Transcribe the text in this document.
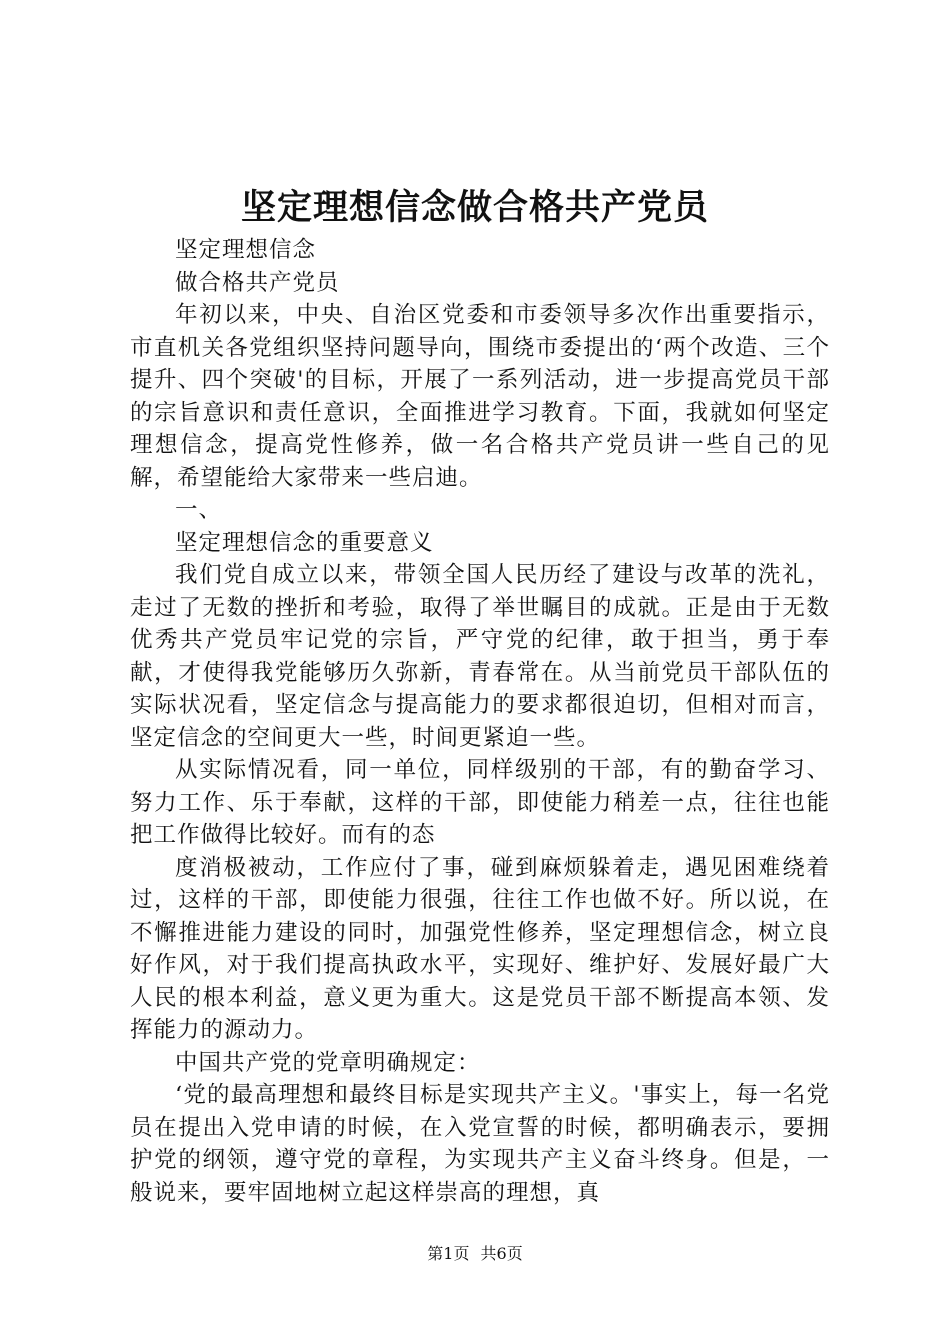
坚定理想信念做合格共产党员

坚定理想信念

做合格共产党员

年初以来，中央、自治区党委和市委领导多次作出重要指示，市直机关各党组织坚持问题导向，围绕市委提出的‘两个改造、三个提升、四个突破'的目标，开展了一系列活动，进一步提高党员干部的宗旨意识和责任意识，全面推进学习教育。下面，我就如何坚定理想信念，提高党性修养，做一名合格共产党员讲一些自己的见解，希望能给大家带来一些启迪。

一、

坚定理想信念的重要意义

我们党自成立以来，带领全国人民历经了建设与改革的洗礼，走过了无数的挫折和考验，取得了举世瞩目的成就。正是由于无数优秀共产党员牢记党的宗旨，严守党的纪律，敢于担当，勇于奉献，才使得我党能够历久弥新，青春常在。从当前党员干部队伍的实际状况看，坚定信念与提高能力的要求都很迫切，但相对而言，坚定信念的空间更大一些，时间更紧迫一些。

从实际情况看，同一单位，同样级别的干部，有的勤奋学习、努力工作、乐于奉献，这样的干部，即使能力稍差一点，往往也能把工作做得比较好。而有的态

度消极被动，工作应付了事，碰到麻烦躲着走，遇见困难绕着过，这样的干部，即使能力很强，往往工作也做不好。所以说，在不懈推进能力建设的同时，加强党性修养，坚定理想信念，树立良好作风，对于我们提高执政水平，实现好、维护好、发展好最广大人民的根本利益，意义更为重大。这是党员干部不断提高本领、发挥能力的源动力。

中国共产党的党章明确规定：

‘党的最高理想和最终目标是实现共产主义。'事实上，每一名党员在提出入党申请的时候，在入党宣誓的时候，都明确表示，要拥护党的纲领，遵守党的章程，为实现共产主义奋斗终身。但是，一般说来，要牢固地树立起这样崇高的理想，真

第1页 共6页
